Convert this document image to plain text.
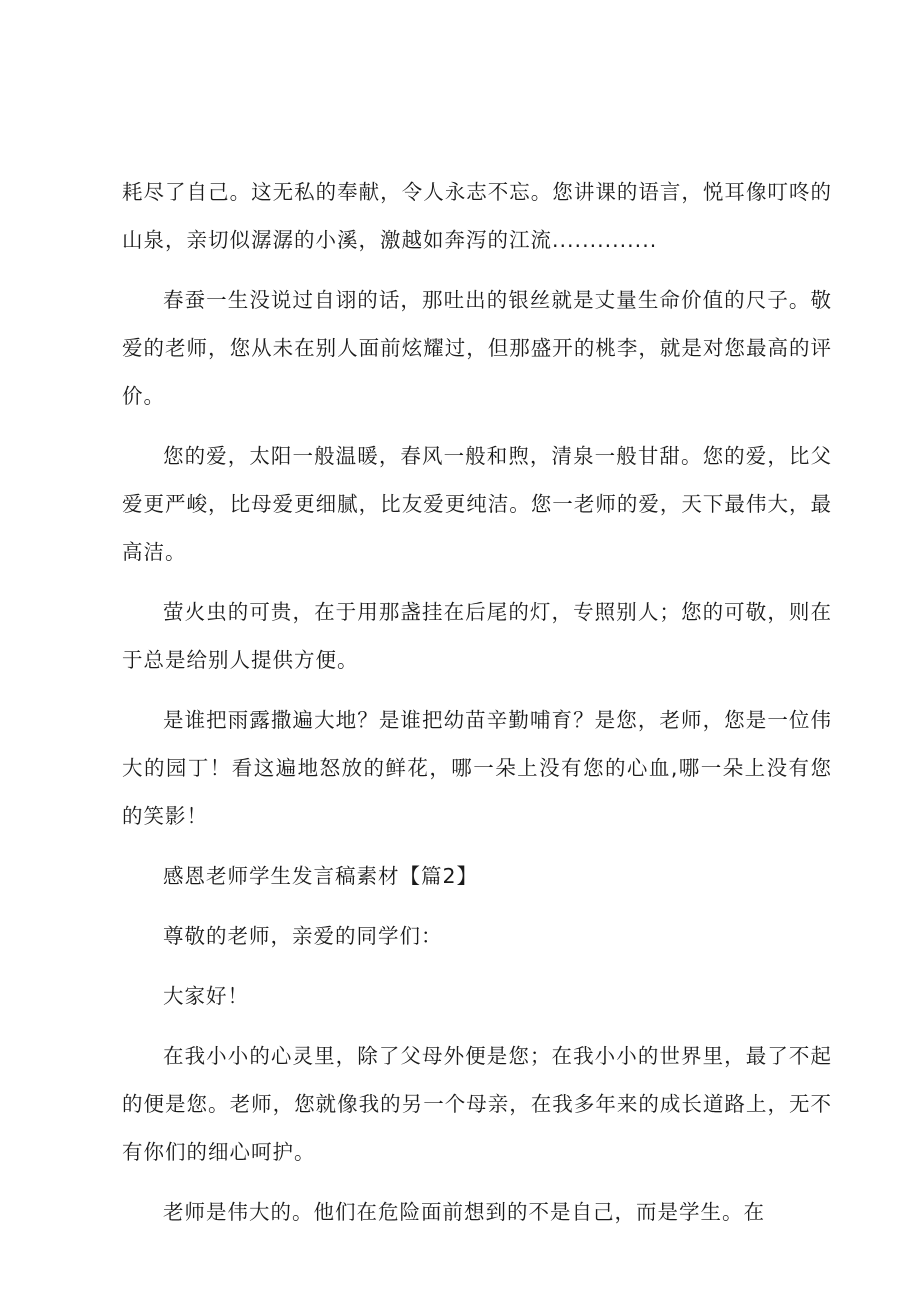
耗尽了自己。这无私的奉献，令人永志不忘。您讲课的语言，悦耳像叮咚的山泉，亲切似潺潺的小溪，激越如奔泻的江流..............

春蚕一生没说过自诩的话，那吐出的银丝就是丈量生命价值的尺子。敬爱的老师，您从未在别人面前炫耀过，但那盛开的桃李，就是对您最高的评价。

您的爱，太阳一般温暖，春风一般和煦，清泉一般甘甜。您的爱，比父爱更严峻，比母爱更细腻，比友爱更纯洁。您一老师的爱，天下最伟大，最高洁。

萤火虫的可贵，在于用那盏挂在后尾的灯，专照别人；您的可敬，则在于总是给别人提供方便。

是谁把雨露撒遍大地？是谁把幼苗辛勤哺育？是您，老师，您是一位伟大的园丁！看这遍地怒放的鲜花，哪一朵上没有您的心血,哪一朵上没有您的笑影！

感恩老师学生发言稿素材【篇2】

尊敬的老师，亲爱的同学们：

大家好！

在我小小的心灵里，除了父母外便是您；在我小小的世界里，最了不起的便是您。老师，您就像我的另一个母亲，在我多年来的成长道路上，无不有你们的细心呵护。

老师是伟大的。他们在危险面前想到的不是自己，而是学生。在
